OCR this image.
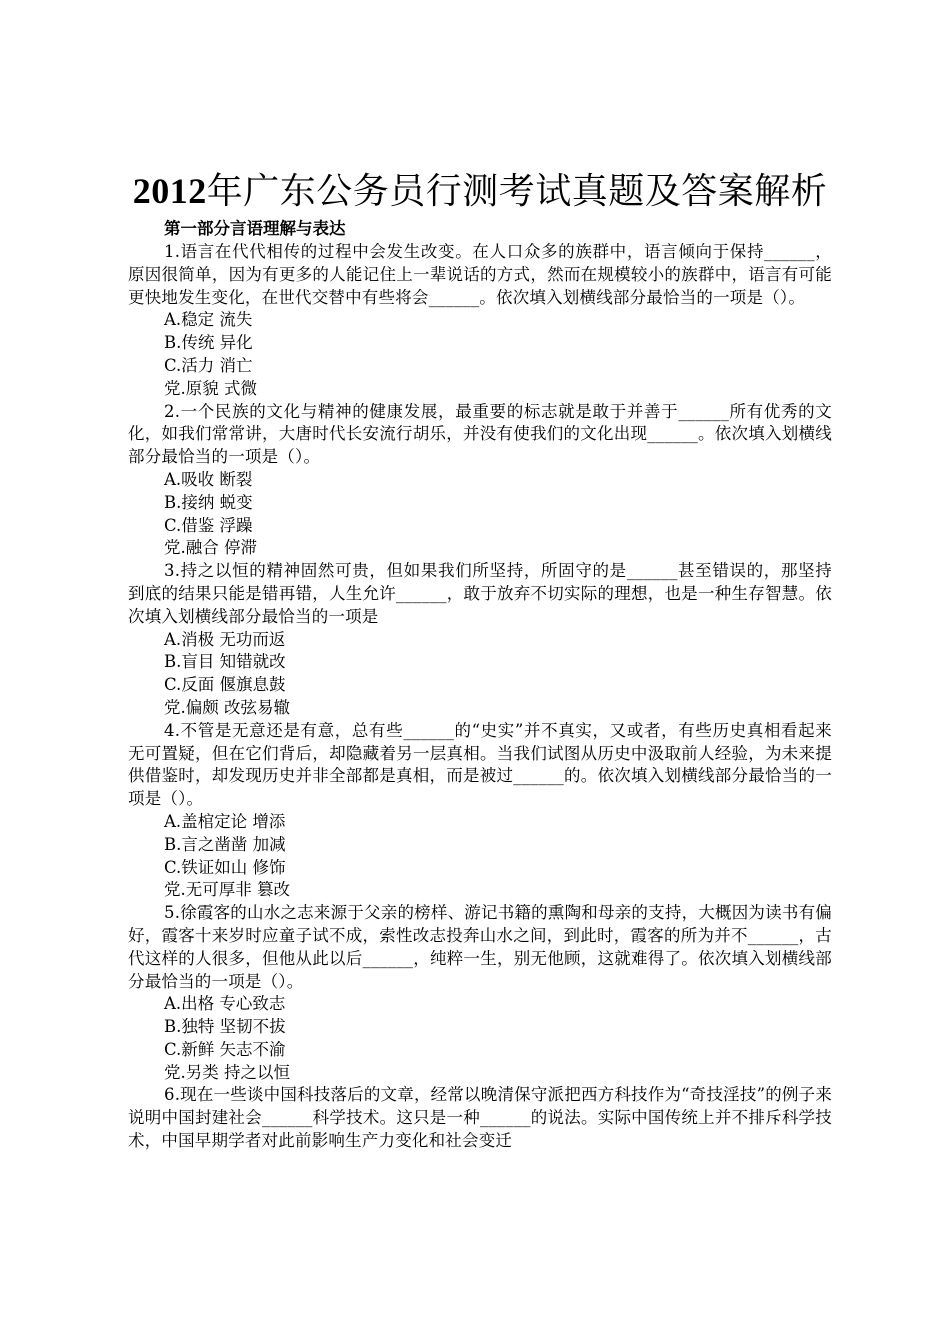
2012年广东公务员行测考试真题及答案解析

第一部分言语理解与表达

1.语言在代代相传的过程中会发生改变。在人口众多的族群中，语言倾向于保持______，原因很简单，因为有更多的人能记住上一辈说话的方式，然而在规模较小的族群中，语言有可能更快地发生变化，在世代交替中有些将会______。依次填入划横线部分最恰当的一项是（）。

A.稳定 流失

B.传统 异化

C.活力 消亡

党.原貌 式微

2.一个民族的文化与精神的健康发展，最重要的标志就是敢于并善于______所有优秀的文化，如我们常常讲，大唐时代长安流行胡乐，并没有使我们的文化出现______。依次填入划横线部分最恰当的一项是（）。

A.吸收 断裂

B.接纳 蜕变

C.借鉴 浮躁

党.融合 停滞

3.持之以恒的精神固然可贵，但如果我们所坚持，所固守的是______甚至错误的，那坚持到底的结果只能是错再错，人生允许______，敢于放弃不切实际的理想，也是一种生存智慧。依次填入划横线部分最恰当的一项是

A.消极 无功而返

B.盲目 知错就改

C.反面 偃旗息鼓

党.偏颇 改弦易辙

4.不管是无意还是有意，总有些______的“史实”并不真实，又或者，有些历史真相看起来无可置疑，但在它们背后，却隐藏着另一层真相。当我们试图从历史中汲取前人经验，为未来提供借鉴时，却发现历史并非全部都是真相，而是被过______的。依次填入划横线部分最恰当的一项是（）。

A.盖棺定论 增添

B.言之凿凿 加减

C.铁证如山 修饰

党.无可厚非 篡改

5.徐霞客的山水之志来源于父亲的榜样、游记书籍的熏陶和母亲的支持，大概因为读书有偏好，霞客十来岁时应童子试不成，索性改志投奔山水之间，到此时，霞客的所为并不______，古代这样的人很多，但他从此以后______，纯粹一生，别无他顾，这就难得了。依次填入划横线部分最恰当的一项是（）。

A.出格 专心致志

B.独特 坚韧不拔

C.新鲜 矢志不渝

党.另类 持之以恒

6.现在一些谈中国科技落后的文章，经常以晚清保守派把西方科技作为“奇技淫技”的例子来说明中国封建社会______科学技术。这只是一种______的说法。实际中国传统上并不排斥科学技术，中国早期学者对此前影响生产力变化和社会变迁
